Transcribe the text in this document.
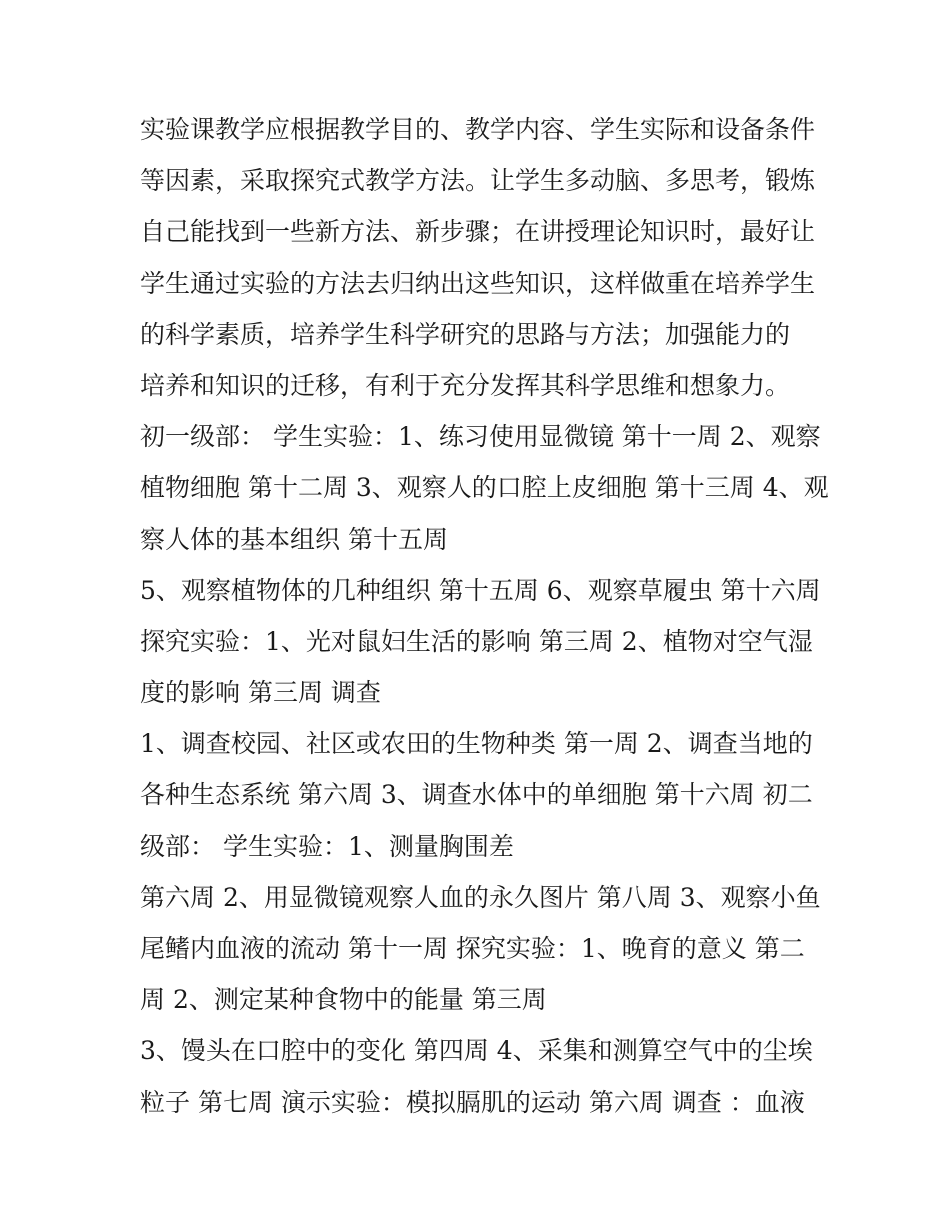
实验课教学应根据教学目的、教学内容、学生实际和设备条件
等因素，采取探究式教学方法。让学生多动脑、多思考，锻炼
自己能找到一些新方法、新步骤；在讲授理论知识时，最好让
学生通过实验的方法去归纳出这些知识，这样做重在培养学生
的科学素质，培养学生科学研究的思路与方法；加强能力的
培养和知识的迁移，有利于充分发挥其科学思维和想象力。
初一级部： 学生实验：1、练习使用显微镜 第十一周 2、观察
植物细胞 第十二周 3、观察人的口腔上皮细胞 第十三周 4、观
察人体的基本组织 第十五周
5、观察植物体的几种组织 第十五周 6、观察草履虫 第十六周
探究实验：1、光对鼠妇生活的影响 第三周 2、植物对空气湿
度的影响 第三周 调查
1、调查校园、社区或农田的生物种类 第一周 2、调查当地的
各种生态系统 第六周 3、调查水体中的单细胞 第十六周 初二
级部： 学生实验：1、测量胸围差
第六周 2、用显微镜观察人血的永久图片 第八周 3、观察小鱼
尾鳍内血液的流动 第十一周 探究实验：1、晚育的意义 第二
周 2、测定某种食物中的能量 第三周
3、馒头在口腔中的变化 第四周 4、采集和测算空气中的尘埃
粒子 第七周 演示实验：模拟膈肌的运动 第六周 调查 ：血液
